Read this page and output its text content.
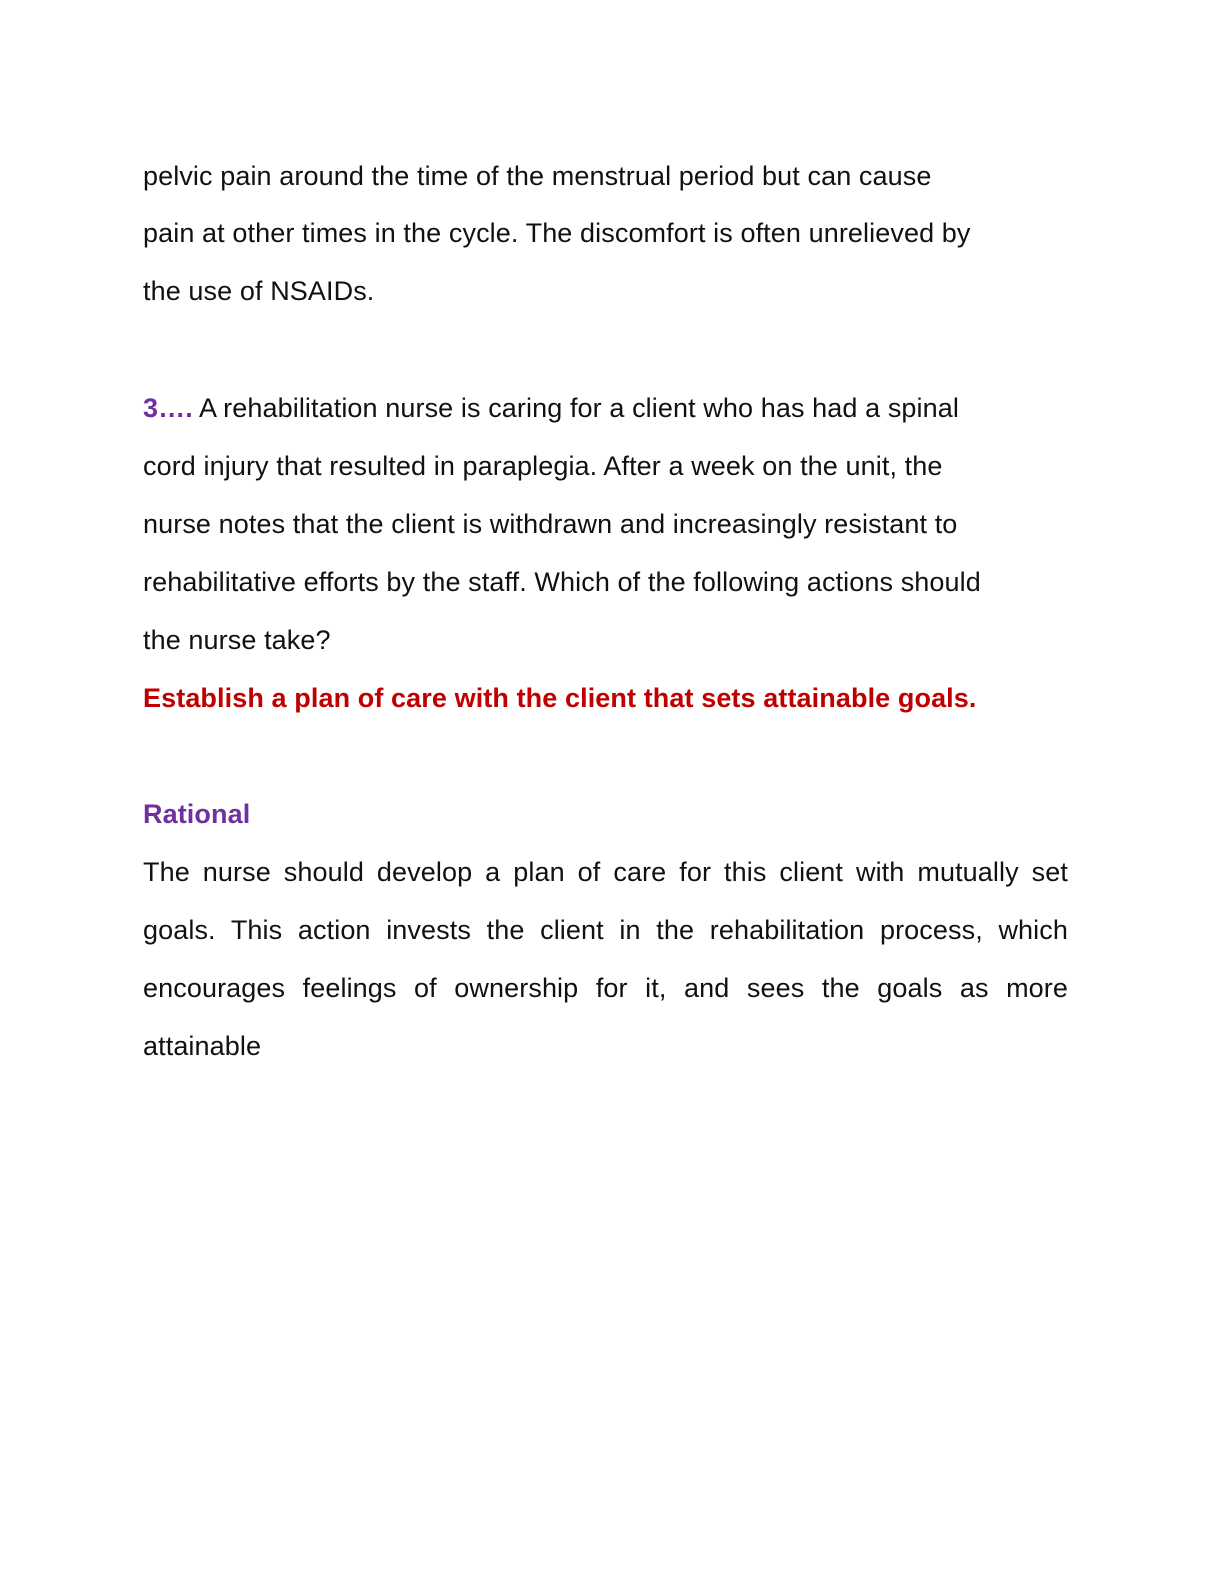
pelvic pain around the time of the menstrual period but can cause
pain at other times in the cycle. The discomfort is often unrelieved by
the use of NSAIDs.
3…. A rehabilitation nurse is caring for a client who has had a spinal
cord injury that resulted in paraplegia. After a week on the unit, the
nurse notes that the client is withdrawn and increasingly resistant to
rehabilitative efforts by the staff. Which of the following actions should
the nurse take?
Establish a plan of care with the client that sets attainable goals.
Rational
The nurse should develop a plan of care for this client with mutually set
goals. This action invests the client in the rehabilitation process, which
encourages feelings of ownership for it, and sees the goals as more
attainable
